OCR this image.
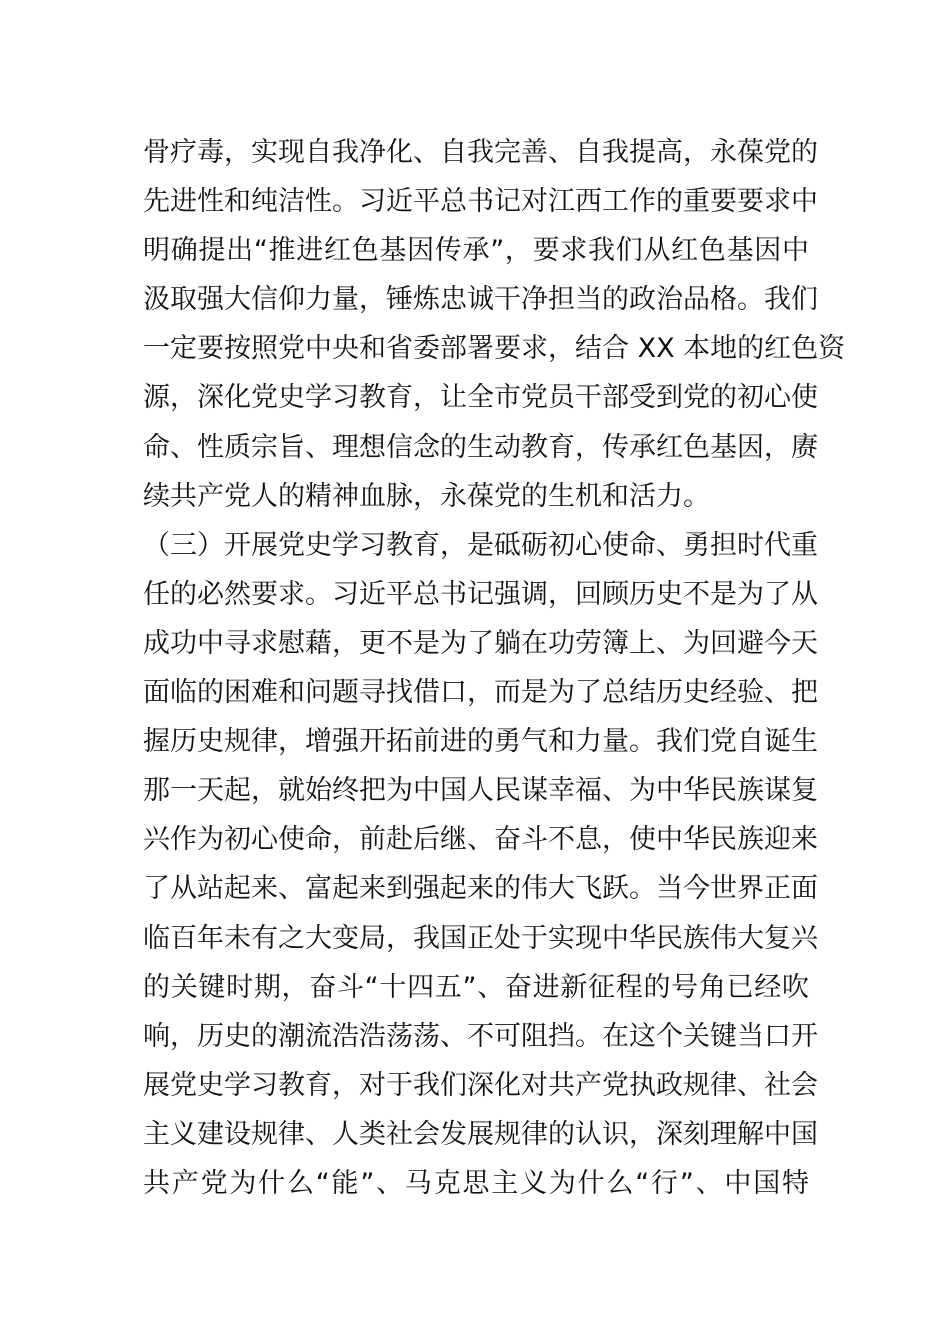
骨疗毒，实现自我净化、自我完善、自我提高，永葆党的
先进性和纯洁性。习近平总书记对江西工作的重要要求中
明确提出“推进红色基因传承”，要求我们从红色基因中
汲取强大信仰力量，锤炼忠诚干净担当的政治品格。我们
一定要按照党中央和省委部署要求，结合 XX 本地的红色资
源，深化党史学习教育，让全市党员干部受到党的初心使
命、性质宗旨、理想信念的生动教育，传承红色基因，赓
续共产党人的精神血脉，永葆党的生机和活力。
（三）开展党史学习教育，是砥砺初心使命、勇担时代重
任的必然要求。习近平总书记强调，回顾历史不是为了从
成功中寻求慰藉，更不是为了躺在功劳簿上、为回避今天
面临的困难和问题寻找借口，而是为了总结历史经验、把
握历史规律，增强开拓前进的勇气和力量。我们党自诞生
那一天起，就始终把为中国人民谋幸福、为中华民族谋复
兴作为初心使命，前赴后继、奋斗不息，使中华民族迎来
了从站起来、富起来到强起来的伟大飞跃。当今世界正面
临百年未有之大变局，我国正处于实现中华民族伟大复兴
的关键时期，奋斗“十四五”、奋进新征程的号角已经吹
响，历史的潮流浩浩荡荡、不可阻挡。在这个关键当口开
展党史学习教育，对于我们深化对共产党执政规律、社会
主义建设规律、人类社会发展规律的认识，深刻理解中国
共产党为什么“能”、马克思主义为什么“行”、中国特
